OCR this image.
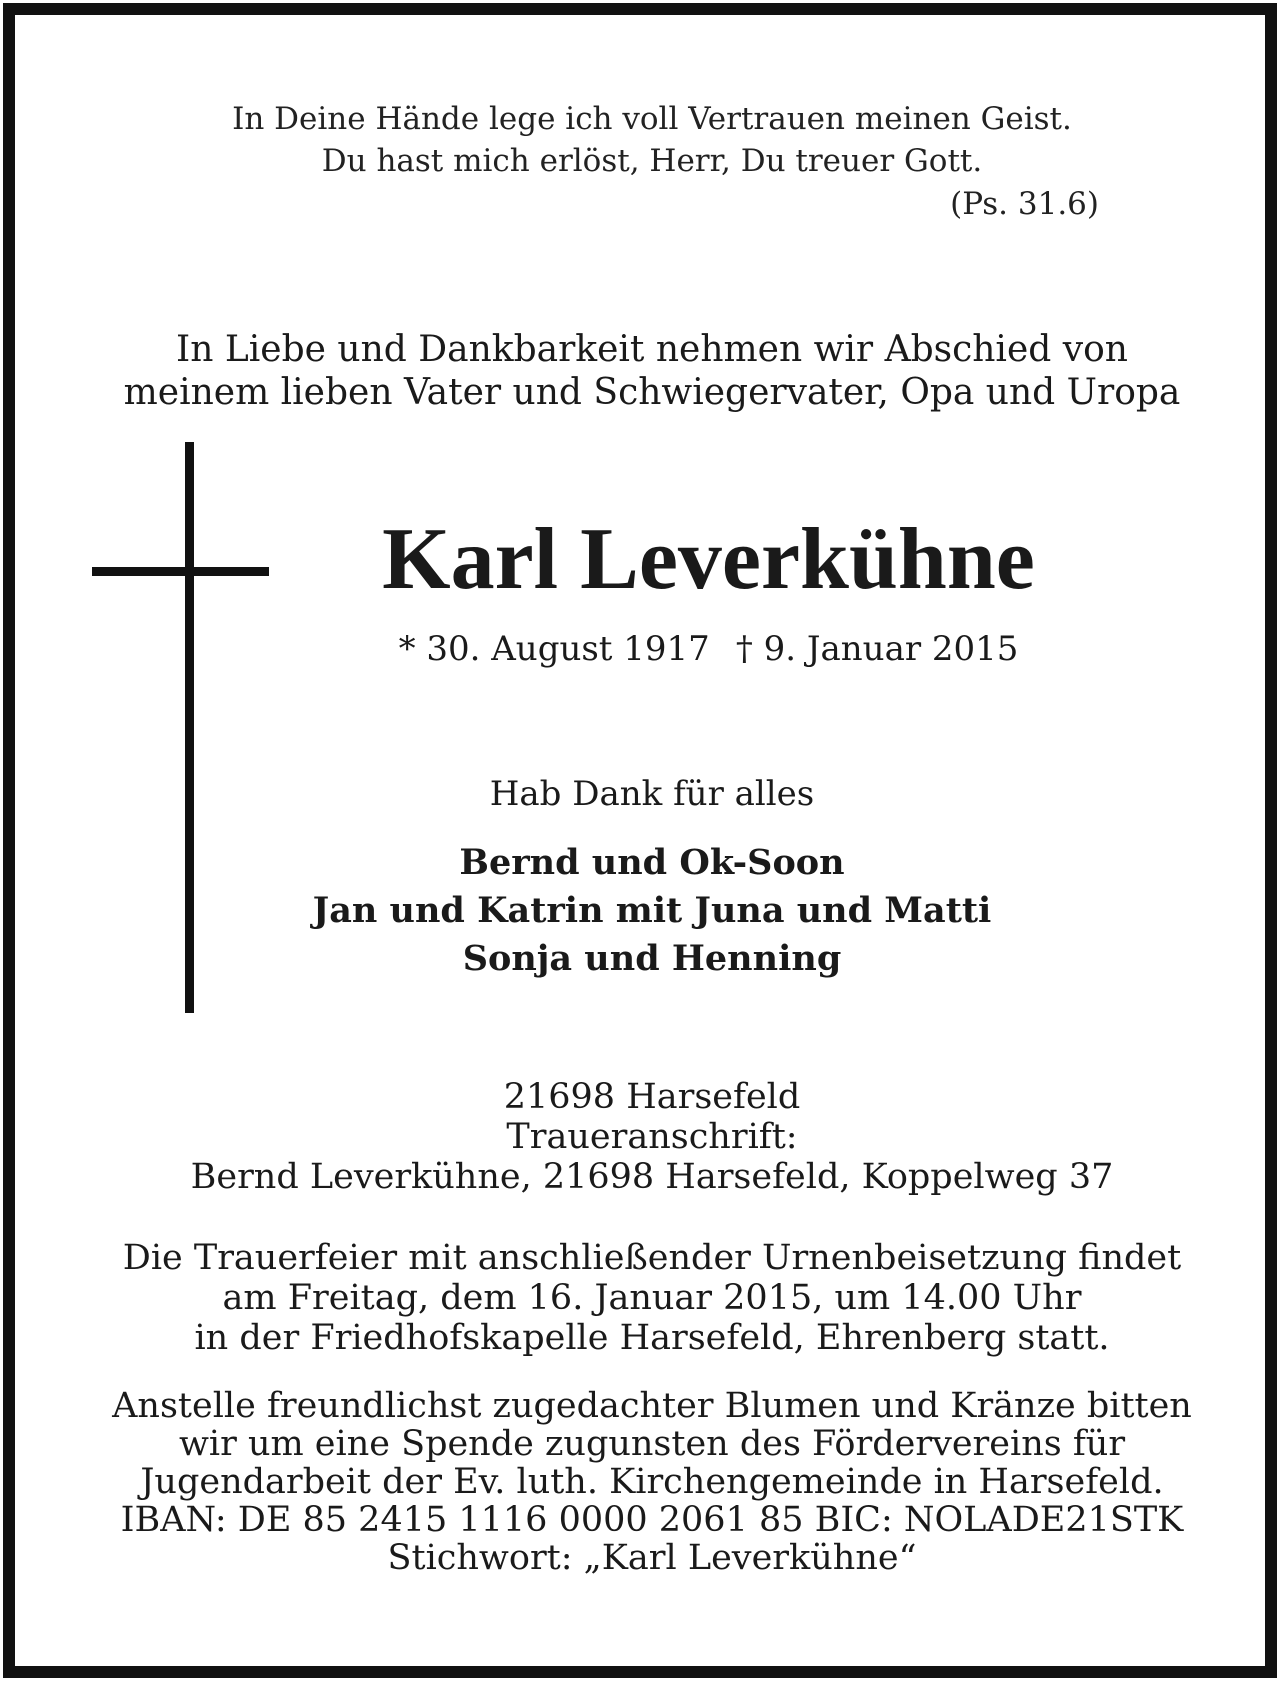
In Deine Hände lege ich voll Vertrauen meinen Geist.
Du hast mich erlöst, Herr, Du treuer Gott.
(Ps. 31.6)
In Liebe und Dankbarkeit nehmen wir Abschied von
meinem lieben Vater und Schwiegervater, Opa und Uropa
Karl Leverkühne
* 30. August 1917 † 9. Januar 2015
Hab Dank für alles
Bernd und Ok-Soon
Jan und Katrin mit Juna und Matti
Sonja und Henning
21698 Harsefeld
Traueranschrift:
Bernd Leverkühne, 21698 Harsefeld, Koppelweg 37
Die Trauerfeier mit anschließender Urnenbeisetzung findet
am Freitag, dem 16. Januar 2015, um 14.00 Uhr
in der Friedhofskapelle Harsefeld, Ehrenberg statt.
Anstelle freundlichst zugedachter Blumen und Kränze bitten
wir um eine Spende zugunsten des Fördervereins für
Jugendarbeit der Ev. luth. Kirchengemeinde in Harsefeld.
IBAN: DE 85 2415 1116 0000 2061 85 BIC: NOLADE21STK
Stichwort: „Karl Leverkühne“
